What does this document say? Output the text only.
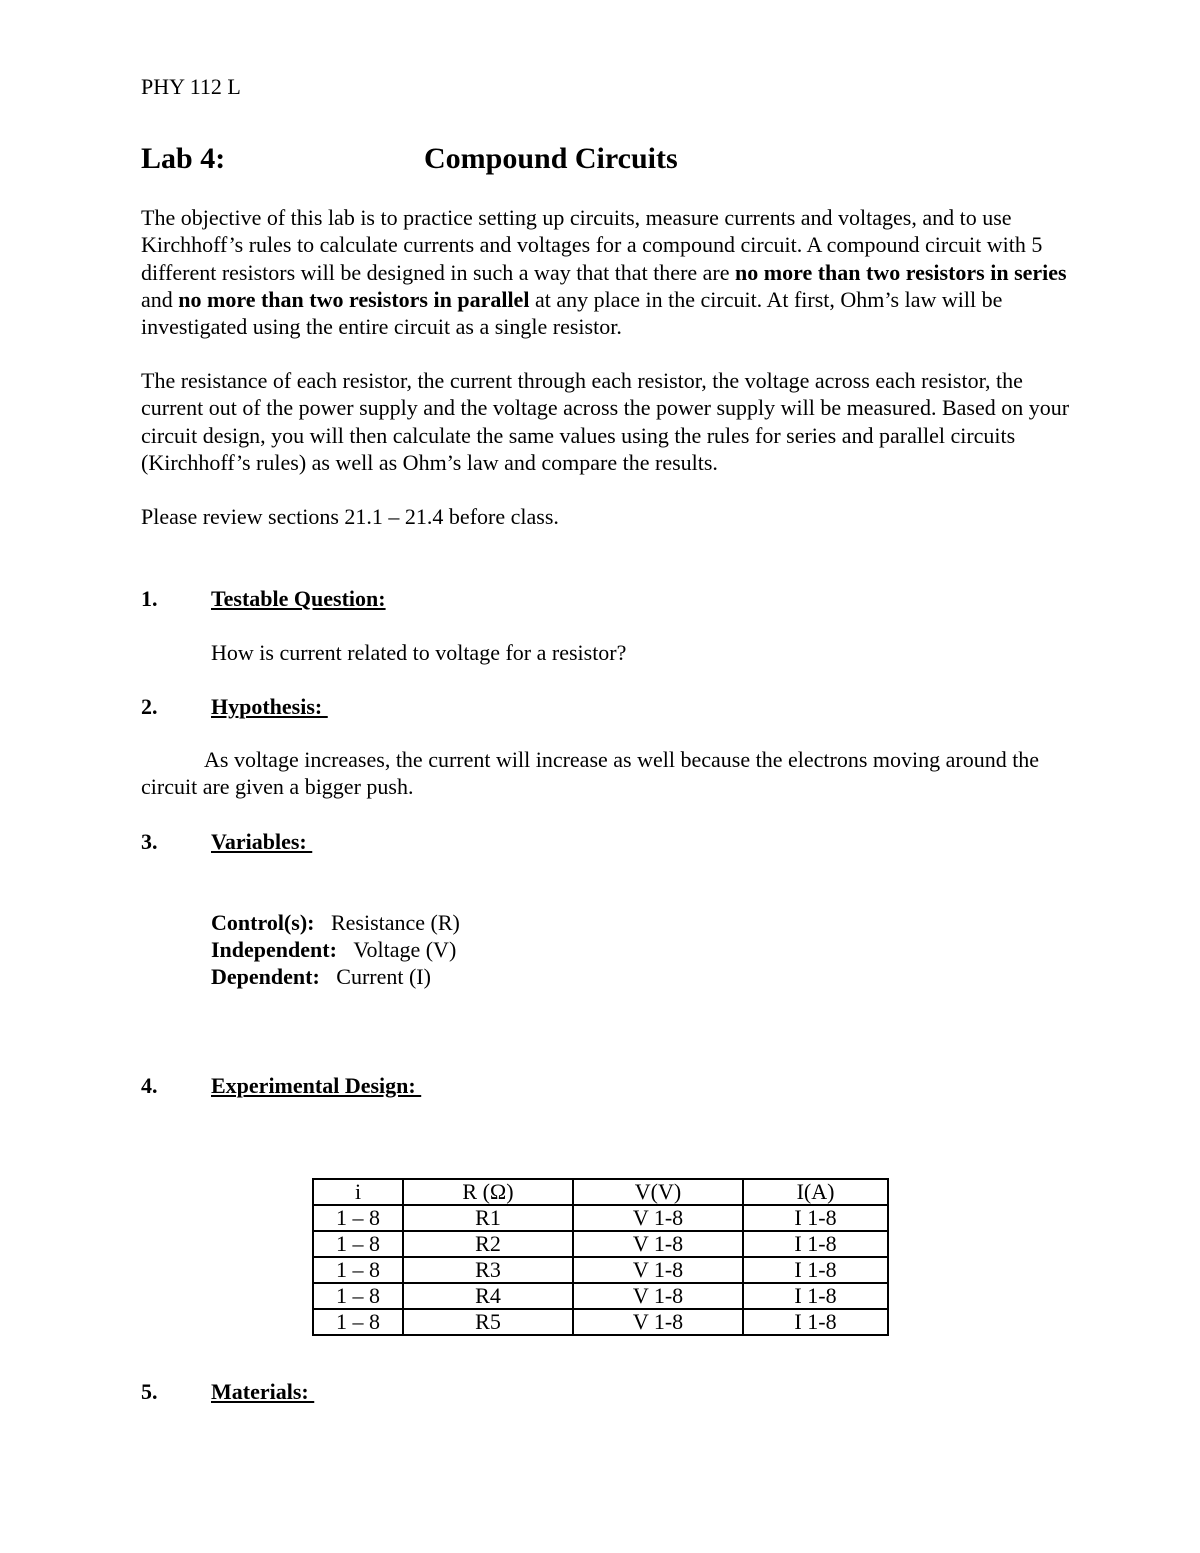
PHY 112 L
Lab 4:	Compound Circuits
The objective of this lab is to practice setting up circuits, measure currents and voltages, and to use Kirchhoff’s rules to calculate currents and voltages for a compound circuit. A compound circuit with 5 different resistors will be designed in such a way that that there are no more than two resistors in series and no more than two resistors in parallel at any place in the circuit. At first, Ohm’s law will be investigated using the entire circuit as a single resistor.
The resistance of each resistor, the current through each resistor, the voltage across each resistor, the current out of the power supply and the voltage across the power supply will be measured. Based on your circuit design, you will then calculate the same values using the rules for series and parallel circuits (Kirchhoff’s rules) as well as Ohm’s law and compare the results.
Please review sections 21.1 – 21.4 before class.
1. Testable Question:
How is current related to voltage for a resistor?
2. Hypothesis:
As voltage increases, the current will increase as well because the electrons moving around the circuit are given a bigger push.
3. Variables:
Control(s): Resistance (R)
Independent: Voltage (V)
Dependent: Current (I)
4. Experimental Design:
i	R (Ω)	V(V)	I(A)
1 – 8	R1	V 1-8	I 1-8
1 – 8	R2	V 1-8	I 1-8
1 – 8	R3	V 1-8	I 1-8
1 – 8	R4	V 1-8	I 1-8
1 – 8	R5	V 1-8	I 1-8
5. Materials:
